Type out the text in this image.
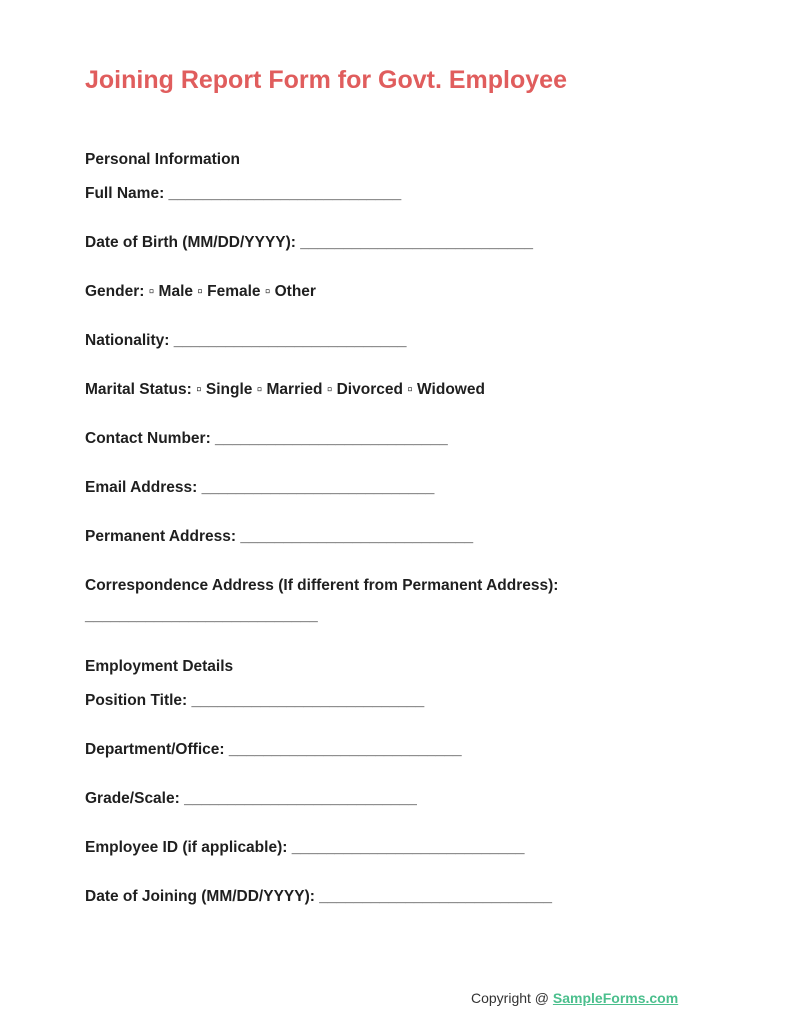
Joining Report Form for Govt. Employee
Personal Information
Full Name: ___________________________
Date of Birth (MM/DD/YYYY): ___________________________
Gender: ▫ Male ▫ Female ▫ Other
Nationality: ___________________________
Marital Status: ▫ Single ▫ Married ▫ Divorced ▫ Widowed
Contact Number: ___________________________
Email Address: ___________________________
Permanent Address: ___________________________
Correspondence Address (If different from Permanent Address):
___________________________
Employment Details
Position Title: ___________________________
Department/Office: ___________________________
Grade/Scale: ___________________________
Employee ID (if applicable): ___________________________
Date of Joining (MM/DD/YYYY): ___________________________
Copyright @ SampleForms.com
